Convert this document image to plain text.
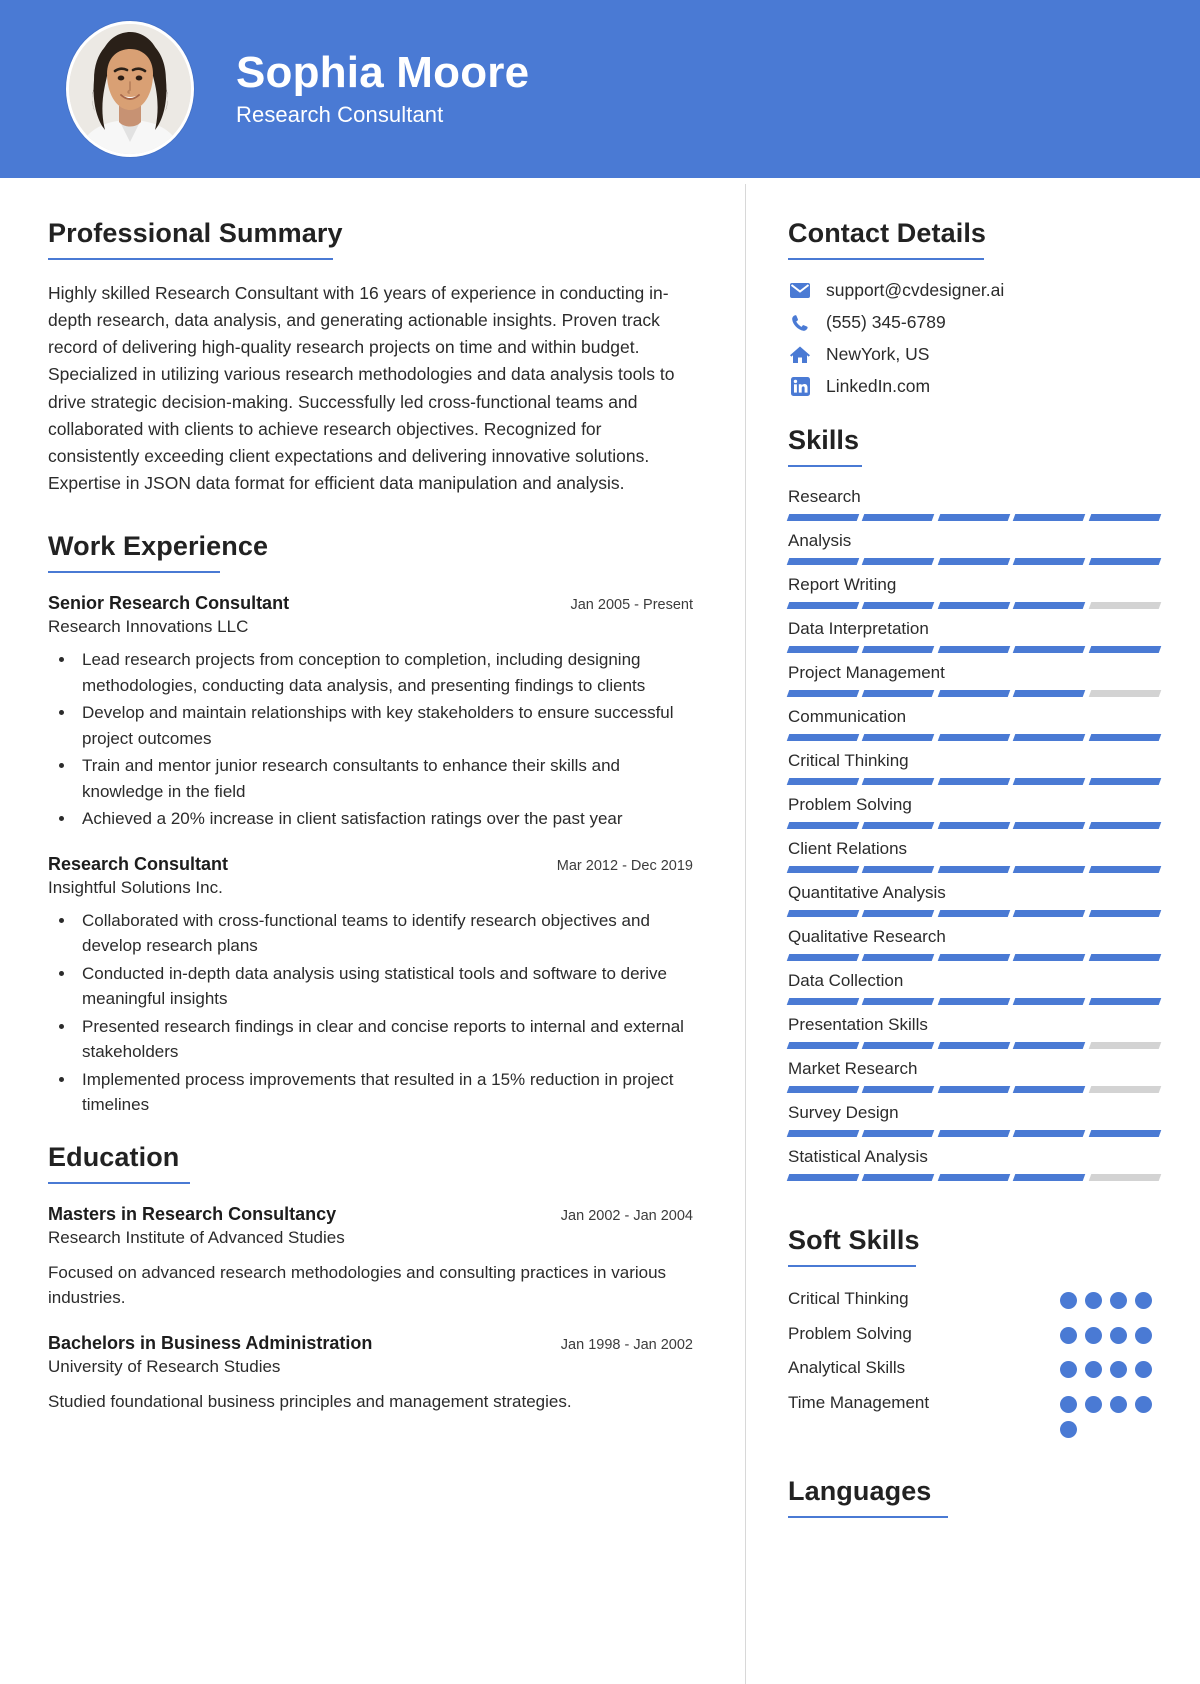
Sophia Moore
Research Consultant
Professional Summary

Highly skilled Research Consultant with 16 years of experience in conducting in-depth research, data analysis, and generating actionable insights. Proven track record of delivering high-quality research projects on time and within budget. Specialized in utilizing various research methodologies and data analysis tools to drive strategic decision-making. Successfully led cross-functional teams and collaborated with clients to achieve research objectives. Recognized for consistently exceeding client expectations and delivering innovative solutions. Expertise in JSON data format for efficient data manipulation and analysis.

Work Experience
Senior Research Consultant	Jan 2005 - Present
Research Innovations LLC
• Lead research projects from conception to completion, including designing methodologies, conducting data analysis, and presenting findings to clients
• Develop and maintain relationships with key stakeholders to ensure successful project outcomes
• Train and mentor junior research consultants to enhance their skills and knowledge in the field
• Achieved a 20% increase in client satisfaction ratings over the past year
Research Consultant	Mar 2012 - Dec 2019
Insightful Solutions Inc.
• Collaborated with cross-functional teams to identify research objectives and develop research plans
• Conducted in-depth data analysis using statistical tools and software to derive meaningful insights
• Presented research findings in clear and concise reports to internal and external stakeholders
• Implemented process improvements that resulted in a 15% reduction in project timelines
Education
Masters in Research Consultancy	Jan 2002 - Jan 2004
Research Institute of Advanced Studies
Focused on advanced research methodologies and consulting practices in various industries.
Bachelors in Business Administration	Jan 1998 - Jan 2002
University of Research Studies
Studied foundational business principles and management strategies.
Contact Details
support@cvdesigner.ai
(555) 345-6789
NewYork, US
LinkedIn.com
Skills
Research
Analysis
Report Writing
Data Interpretation
Project Management
Communication
Critical Thinking
Problem Solving
Client Relations
Quantitative Analysis
Qualitative Research
Data Collection
Presentation Skills
Market Research
Survey Design
Statistical Analysis
Soft Skills
Critical Thinking
Problem Solving
Analytical Skills
Time Management
Languages
